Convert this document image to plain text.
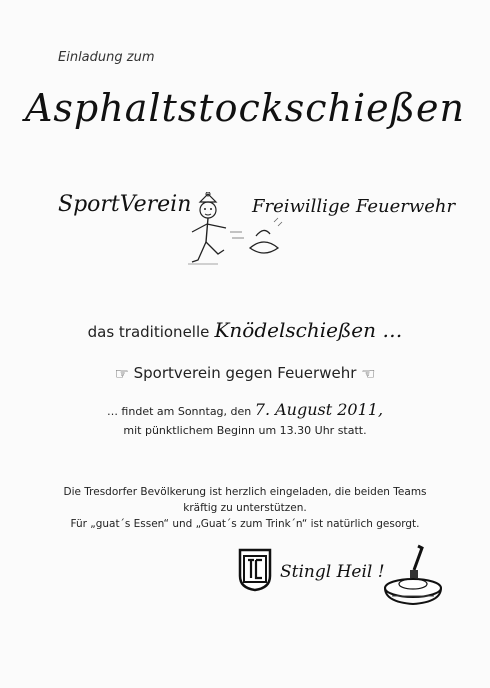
Einladung zum
Asphaltstockschießen
SportVerein	Freiwillige Feuerwehr
das traditionelle Knödelschießen …
☞ Sportverein gegen Feuerwehr ☜
… findet am Sonntag, den 7. August 2011,
mit pünktlichem Beginn um 13.30 Uhr statt.
Die Tresdorfer Bevölkerung ist herzlich eingeladen, die beiden Teams
kräftig zu unterstützen.
Für „guat´s Essen“ und „Guat´s zum Trink´n“ ist natürlich gesorgt.
Stingl Heil !
